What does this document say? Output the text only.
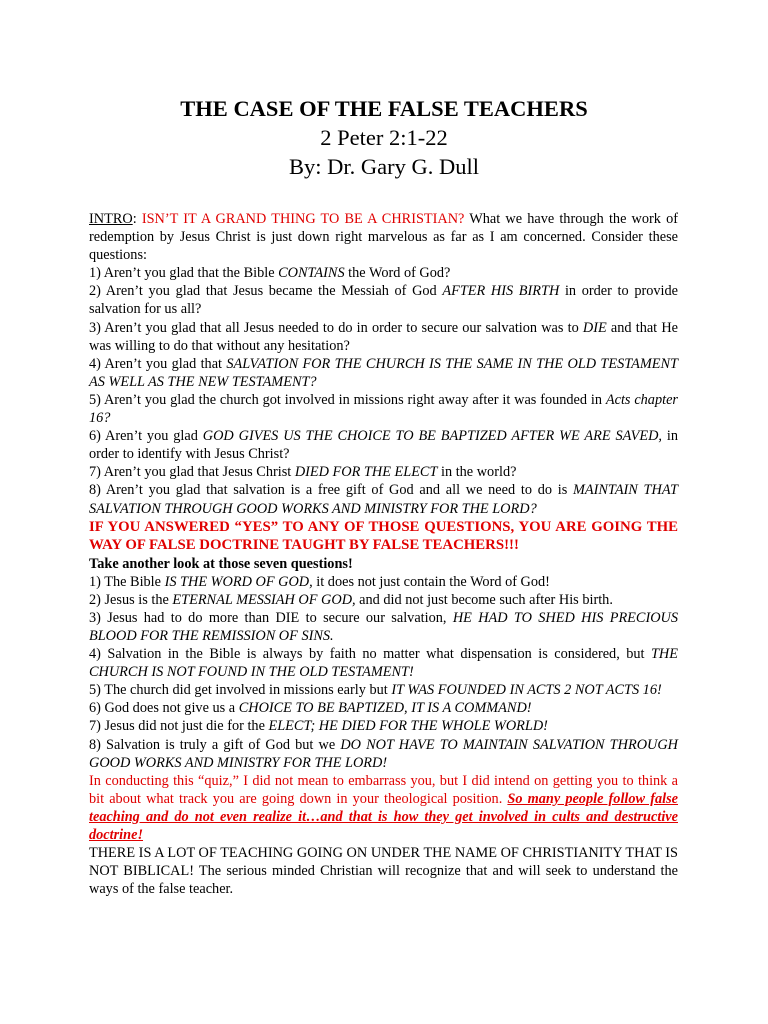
THE CASE OF THE FALSE TEACHERS
2 Peter 2:1-22
By: Dr. Gary G. Dull

INTRO: ISN’T IT A GRAND THING TO BE A CHRISTIAN? What we have through the work of redemption by Jesus Christ is just down right marvelous as far as I am concerned. Consider these questions:

1) Aren’t you glad that the Bible CONTAINS the Word of God?

2) Aren’t you glad that Jesus became the Messiah of God AFTER HIS BIRTH in order to provide salvation for us all?

3) Aren’t you glad that all Jesus needed to do in order to secure our salvation was to DIE and that He was willing to do that without any hesitation?

4) Aren’t you glad that SALVATION FOR THE CHURCH IS THE SAME IN THE OLD TESTAMENT AS WELL AS THE NEW TESTAMENT?

5) Aren’t you glad the church got involved in missions right away after it was founded in Acts chapter 16?

6) Aren’t you glad GOD GIVES US THE CHOICE TO BE BAPTIZED AFTER WE ARE SAVED, in order to identify with Jesus Christ?

7) Aren’t you glad that Jesus Christ DIED FOR THE ELECT in the world?

8) Aren’t you glad that salvation is a free gift of God and all we need to do is MAINTAIN THAT SALVATION THROUGH GOOD WORKS AND MINISTRY FOR THE LORD?

IF YOU ANSWERED “YES” TO ANY OF THOSE QUESTIONS, YOU ARE GOING THE WAY OF FALSE DOCTRINE TAUGHT BY FALSE TEACHERS!!!

Take another look at those seven questions!

1) The Bible IS THE WORD OF GOD, it does not just contain the Word of God!

2) Jesus is the ETERNAL MESSIAH OF GOD, and did not just become such after His birth.

3) Jesus had to do more than DIE to secure our salvation, HE HAD TO SHED HIS PRECIOUS BLOOD FOR THE REMISSION OF SINS.

4) Salvation in the Bible is always by faith no matter what dispensation is considered, but THE CHURCH IS NOT FOUND IN THE OLD TESTAMENT!

5) The church did get involved in missions early but IT WAS FOUNDED IN ACTS 2 NOT ACTS 16!

6) God does not give us a CHOICE TO BE BAPTIZED, IT IS A COMMAND!

7) Jesus did not just die for the ELECT; HE DIED FOR THE WHOLE WORLD!

8) Salvation is truly a gift of God but we DO NOT HAVE TO MAINTAIN SALVATION THROUGH GOOD WORKS AND MINISTRY FOR THE LORD!

In conducting this “quiz,” I did not mean to embarrass you, but I did intend on getting you to think a bit about what track you are going down in your theological position. So many people follow false teaching and do not even realize it…and that is how they get involved in cults and destructive doctrine!

THERE IS A LOT OF TEACHING GOING ON UNDER THE NAME OF CHRISTIANITY THAT IS NOT BIBLICAL! The serious minded Christian will recognize that and will seek to understand the ways of the false teacher.
